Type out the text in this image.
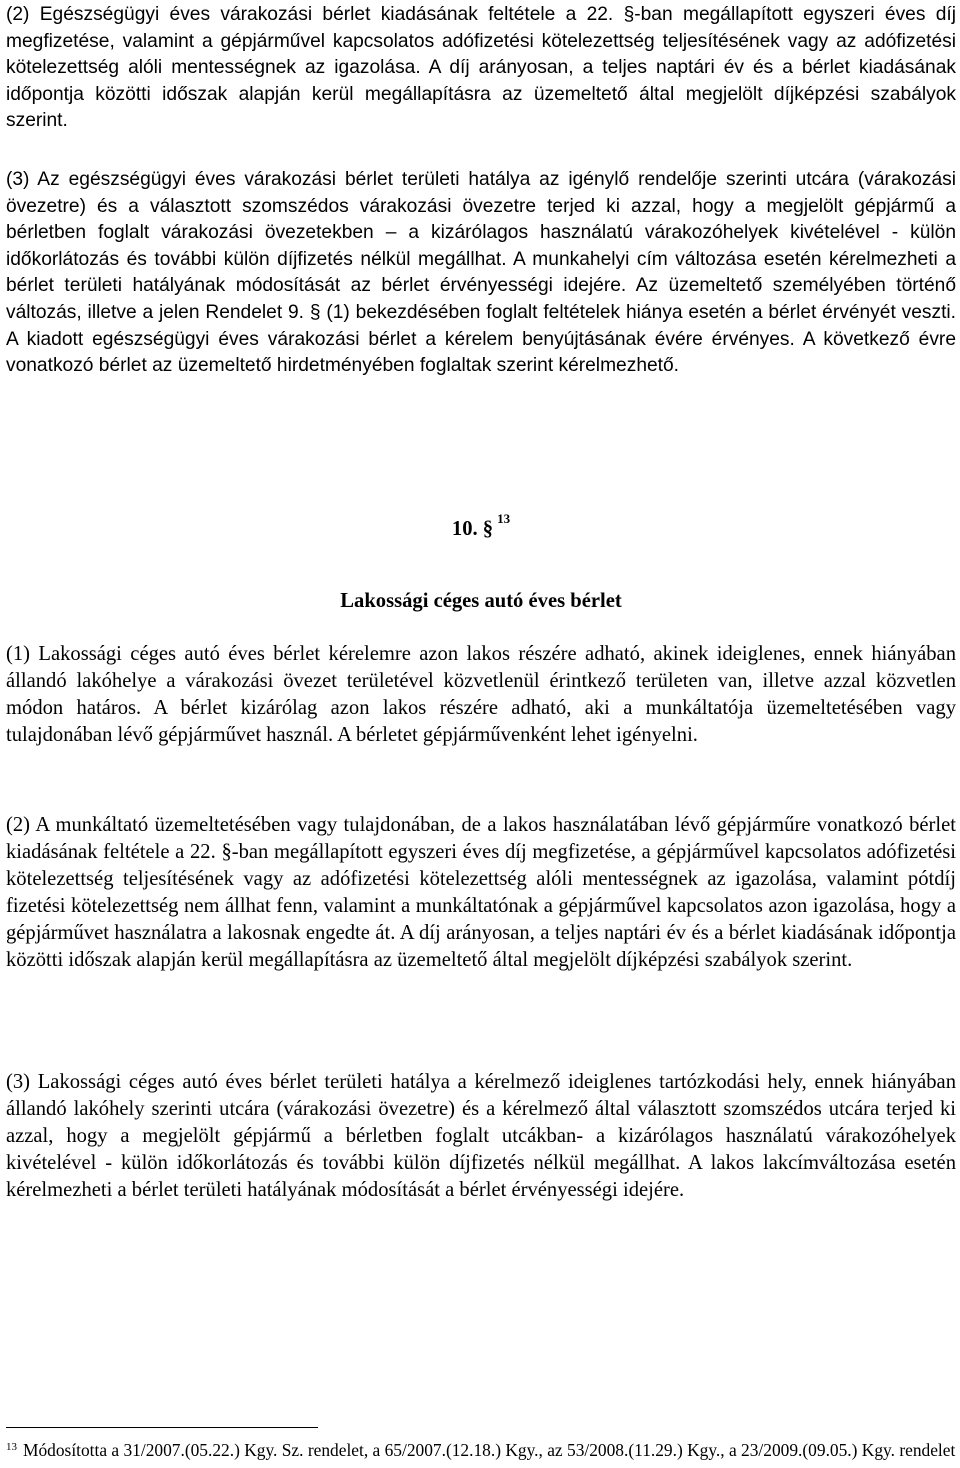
(2) Egészségügyi éves várakozási bérlet kiadásának feltétele a 22. §-ban megállapított egyszeri éves díj megfizetése, valamint a gépjárművel kapcsolatos adófizetési kötelezettség teljesítésének vagy az adófizetési kötelezettség alóli mentességnek az igazolása. A díj arányosan, a teljes naptári év és a bérlet kiadásának időpontja közötti időszak alapján kerül megállapításra az üzemeltető által megjelölt díjképzési szabályok szerint.

(3) Az egészségügyi éves várakozási bérlet területi hatálya az igénylő rendelője szerinti utcára (várakozási övezetre) és a választott szomszédos várakozási övezetre terjed ki azzal, hogy a megjelölt gépjármű a bérletben foglalt várakozási övezetekben – a kizárólagos használatú várakozóhelyek kivételével - külön időkorlátozás és további külön díjfizetés nélkül megállhat. A munkahelyi cím változása esetén kérelmezheti a bérlet területi hatályának módosítását az bérlet érvényességi idejére. Az üzemeltető személyében történő változás, illetve a jelen Rendelet 9. § (1) bekezdésében foglalt feltételek hiánya esetén a bérlet érvényét veszti. A kiadott egészségügyi éves várakozási bérlet a kérelem benyújtásának évére érvényes. A következő évre vonatkozó bérlet az üzemeltető hirdetményében foglaltak szerint kérelmezhető.

10. § $^{13}$
Lakossági céges autó éves bérlet

(1) Lakossági céges autó éves bérlet kérelemre azon lakos részére adható, akinek ideiglenes, ennek hiányában állandó lakóhelye a várakozási övezet területével közvetlenül érintkező területen van, illetve azzal közvetlen módon határos. A bérlet kizárólag azon lakos részére adható, aki a munkáltatója üzemeltetésében vagy tulajdonában lévő gépjárművet használ. A bérletet gépjárművenként lehet igényelni.

(2) A munkáltató üzemeltetésében vagy tulajdonában, de a lakos használatában lévő gépjárműre vonatkozó bérlet kiadásának feltétele a 22. §-ban megállapított egyszeri éves díj megfizetése, a gépjárművel kapcsolatos adófizetési kötelezettség teljesítésének vagy az adófizetési kötelezettség alóli mentességnek az igazolása, valamint pótdíj fizetési kötelezettség nem állhat fenn, valamint a munkáltatónak a gépjárművel kapcsolatos azon igazolása, hogy a gépjárművet használatra a lakosnak engedte át. A díj arányosan, a teljes naptári év és a bérlet kiadásának időpontja közötti időszak alapján kerül megállapításra az üzemeltető által megjelölt díjképzési szabályok szerint.

(3) Lakossági céges autó éves bérlet területi hatálya a kérelmező ideiglenes tartózkodási hely, ennek hiányában állandó lakóhely szerinti utcára (várakozási övezetre) és a kérelmező által választott szomszédos utcára terjed ki azzal, hogy a megjelölt gépjármű a bérletben foglalt utcákban- a kizárólagos használatú várakozóhelyek kivételével - külön időkorlátozás és további külön díjfizetés nélkül megállhat. A lakos lakcímváltozása esetén kérelmezheti a bérlet területi hatályának módosítását a bérlet érvényességi idejére.

$^{13}$ Módosította a 31/2007.(05.22.) Kgy. Sz. rendelet, a 65/2007.(12.18.) Kgy., az 53/2008.(11.29.) Kgy., a 23/2009.(09.05.) Kgy. rendelet
